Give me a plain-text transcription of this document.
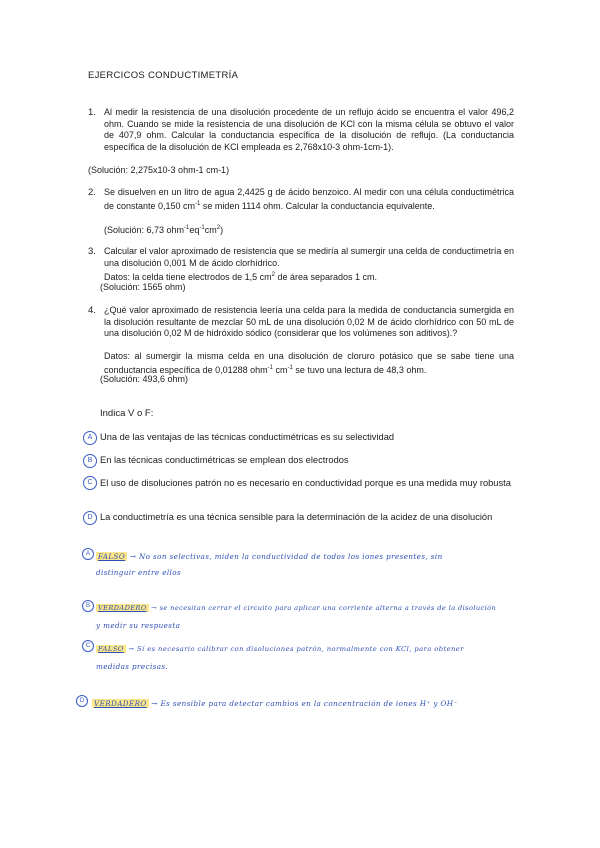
EJERCICOS CONDUCTIMETRÍA
1. Al medir la resistencia de una disolución procedente de un reflujo ácido se encuentra el valor 496,2 ohm. Cuando se mide la resistencia de una disolución de KCl con la misma célula se obtuvo el valor de 407,9 ohm. Calcular la conductancia específica de la disolución de reflujo. (La conductancia específica de la disolución de KCl empleada es 2,768x10-3 ohm-1cm-1).
(Solución: 2,275x10-3 ohm-1 cm-1)
2. Se disuelven en un litro de agua 2,4425 g de ácido benzoico. Al medir con una célula conductimétrica de constante 0,150 $cm^{-1}$ se miden 1114 ohm. Calcular la conductancia equivalente.
(Solución: 6,73 $ohm^{-1}eq^{-1}cm^2$)
3. Calcular el valor aproximado de resistencia que se mediría al sumergir una celda de conductimetría en una disolución 0,001 M de ácido clorhídrico.
Datos: la celda tiene electrodos de 1,5 $cm^2$ de área separados 1 cm.
(Solución: 1565 ohm)
4. ¿Qué valor aproximado de resistencia leería una celda para la medida de conductancia sumergida en la disolución resultante de mezclar 50 mL de una disolución 0,02 M de ácido clorhídrico con 50 mL de una disolución 0,02 M de hidróxido sódico (considerar que los volúmenes son aditivos).?
Datos: al sumergir la misma celda en una disolución de cloruro potásico que se sabe tiene una conductancia específica de 0,01288 ohm$^{-1}$ $cm^{-1}$ se tuvo una lectura de 48,3 ohm.
(Solución: 493,6 ohm)
Indica V o F:
A Una de las ventajas de las técnicas conductimétricas es su selectividad
B En las técnicas conductimétricas se emplean dos electrodos
C El uso de disoluciones patrón no es necesario en conductividad porque es una medida muy robusta
D La conductimetría es una técnica sensible para la determinación de la acidez de una disolución
A	FALSO → No son selectivas, miden la conductividad de todos los iones presentes, sin
distinguir entre ellos
B	VERDADERO → se necesitan cerrar el circuito para aplicar una corriente alterna a través de la disolución
y medir su respuesta
C	FALSO → Sí es necesario calibrar con disoluciones patrón, normalmente con KCl, para obtener
medidas precisas.
D	VERDADERO → Es sensible para detectar cambios en la concentración de iones H⁺ y OH⁻
